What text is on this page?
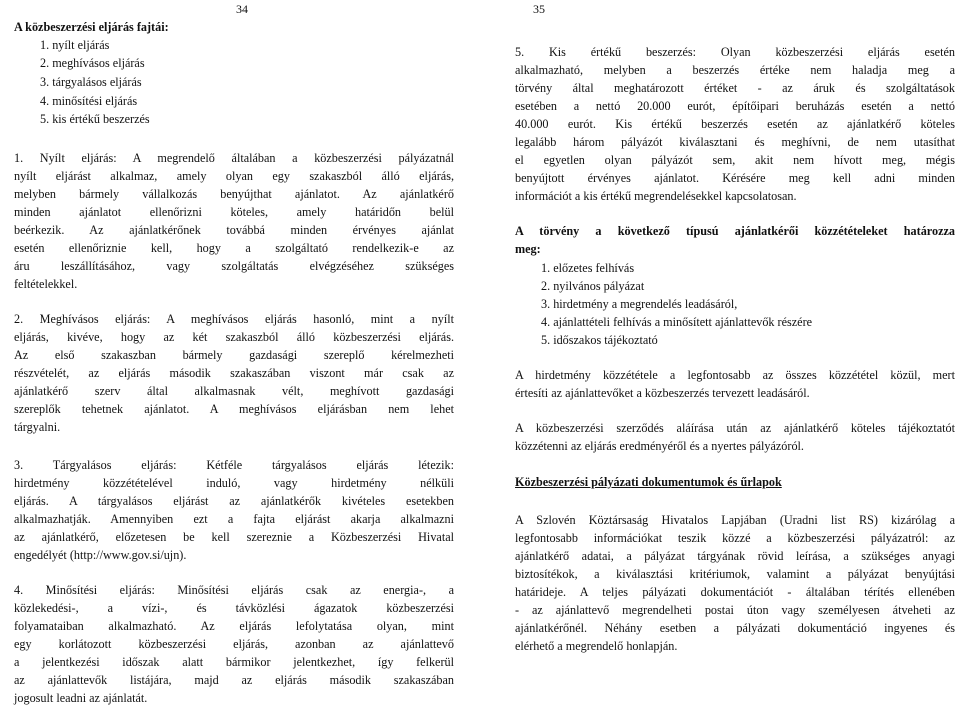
34
A közbeszerzési eljárás fajtái:
1. nyílt eljárás
2. meghívásos eljárás
3. tárgyalásos eljárás
4. minősítési eljárás
5. kis értékű beszerzés
1. Nyílt eljárás: A megrendelő általában a közbeszerzési pályázatnál
nyílt eljárást alkalmaz, amely olyan egy szakaszból álló eljárás,
melyben bármely vállalkozás benyújthat ajánlatot. Az ajánlatkérő
minden ajánlatot ellenőrizni köteles, amely határidőn belül
beérkezik. Az ajánlatkérőnek továbbá minden érvényes ajánlat
esetén ellenőriznie kell, hogy a szolgáltató rendelkezik-e az
áru leszállításához, vagy szolgáltatás elvégzéséhez szükséges
feltételekkel.
2. Meghívásos eljárás: A meghívásos eljárás hasonló, mint a nyílt
eljárás, kivéve, hogy az két szakaszból álló közbeszerzési eljárás.
Az első szakaszban bármely gazdasági szereplő kérelmezheti
részvételét, az eljárás második szakaszában viszont már csak az
ajánlatkérő szerv által alkalmasnak vélt, meghívott gazdasági
szereplők tehetnek ajánlatot. A meghívásos eljárásban nem lehet
tárgyalni.
3. Tárgyalásos eljárás: Kétféle tárgyalásos eljárás létezik:
hirdetmény közzétételével induló, vagy hirdetmény nélküli
eljárás. A tárgyalásos eljárást az ajánlatkérők kivételes esetekben
alkalmazhatják. Amennyiben ezt a fajta eljárást akarja alkalmazni
az ajánlatkérő, előzetesen be kell szereznie a Közbeszerzési Hivatal
engedélyét (http://www.gov.si/ujn).
4. Minősítési eljárás: Minősítési eljárás csak az energia-, a
közlekedési-, a vízi-, és távközlési ágazatok közbeszerzési
folyamataiban alkalmazható. Az eljárás lefolytatása olyan, mint
egy korlátozott közbeszerzési eljárás, azonban az ajánlattevő
a jelentkezési időszak alatt bármikor jelentkezhet, így felkerül
az ajánlattevők listájára, majd az eljárás második szakaszában
jogosult leadni az ajánlatát.
35
5. Kis értékű beszerzés: Olyan közbeszerzési eljárás esetén
alkalmazható, melyben a beszerzés értéke nem haladja meg a
törvény által meghatározott értéket - az áruk és szolgáltatások
esetében a nettó 20.000 eurót, építőipari beruházás esetén a nettó
40.000 eurót. Kis értékű beszerzés esetén az ajánlatkérő köteles
legalább három pályázót kiválasztani és meghívni, de nem utasíthat
el egyetlen olyan pályázót sem, akit nem hívott meg, mégis
benyújtott érvényes ajánlatot. Kérésére meg kell adni minden
információt a kis értékű megrendelésekkel kapcsolatosan.
A törvény a következő típusú ajánlatkérői közzétételeket határozza
meg:
1. előzetes felhívás
2. nyilvános pályázat
3. hirdetmény a megrendelés leadásáról,
4. ajánlattételi felhívás a minősített ajánlattevők részére
5. időszakos tájékoztató
A hirdetmény közzététele a legfontosabb az összes közzététel közül, mert
értesíti az ajánlattevőket a közbeszerzés tervezett leadásáról.
A közbeszerzési szerződés aláírása után az ajánlatkérő köteles tájékoztatót
közzétenni az eljárás eredményéről és a nyertes pályázóról.
Közbeszerzési pályázati dokumentumok és űrlapok
A Szlovén Köztársaság Hivatalos Lapjában (Uradni list RS) kizárólag a
legfontosabb információkat teszik közzé a közbeszerzési pályázatról: az
ajánlatkérő adatai, a pályázat tárgyának rövid leírása, a szükséges anyagi
biztosítékok, a kiválasztási kritériumok, valamint a pályázat benyújtási
határideje. A teljes pályázati dokumentációt - általában térítés ellenében
- az ajánlattevő megrendelheti postai úton vagy személyesen átveheti az
ajánlatkérőnél. Néhány esetben a pályázati dokumentáció ingyenes és
elérhető a megrendelő honlapján.
